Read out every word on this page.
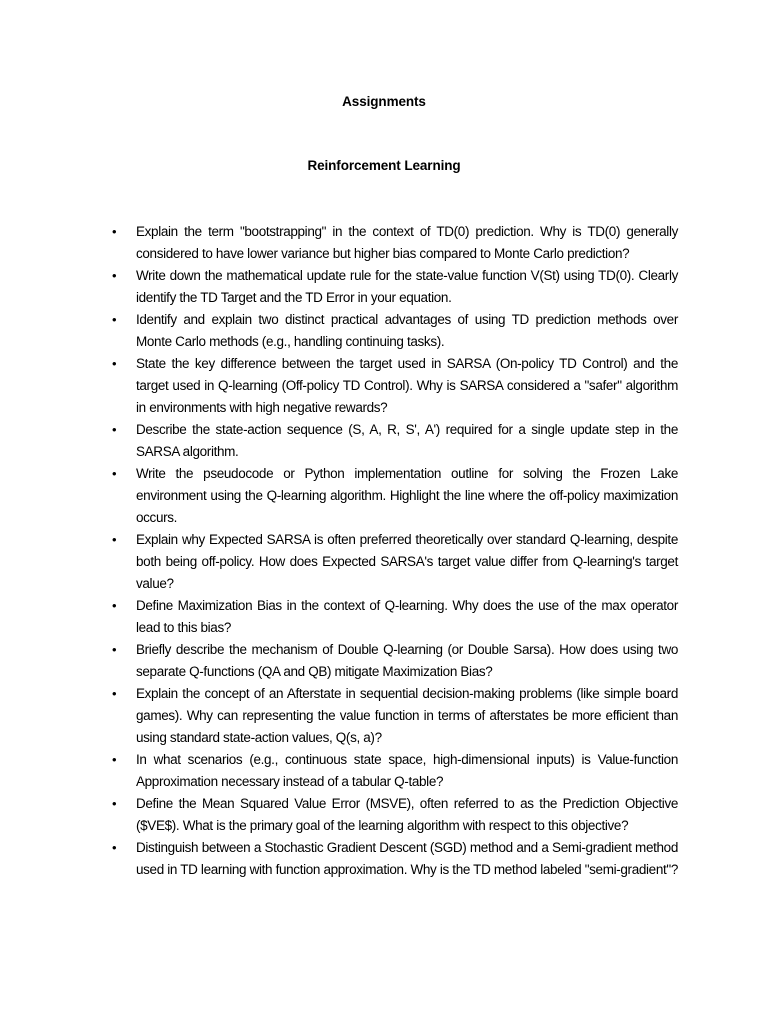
Assignments
Reinforcement Learning
• Explain the term "bootstrapping" in the context of TD(0) prediction. Why is TD(0) generally considered to have lower variance but higher bias compared to Monte Carlo prediction?
• Write down the mathematical update rule for the state-value function V(St) using TD(0). Clearly identify the TD Target and the TD Error in your equation.
• Identify and explain two distinct practical advantages of using TD prediction methods over Monte Carlo methods (e.g., handling continuing tasks).
• State the key difference between the target used in SARSA (On-policy TD Control) and the target used in Q-learning (Off-policy TD Control). Why is SARSA considered a "safer" algorithm in environments with high negative rewards?
• Describe the state-action sequence (S, A, R, S', A') required for a single update step in the SARSA algorithm.
• Write the pseudocode or Python implementation outline for solving the Frozen Lake environment using the Q-learning algorithm. Highlight the line where the off-policy maximization occurs.
• Explain why Expected SARSA is often preferred theoretically over standard Q-learning, despite both being off-policy. How does Expected SARSA's target value differ from Q-learning's target value?
• Define Maximization Bias in the context of Q-learning. Why does the use of the max operator lead to this bias?
• Briefly describe the mechanism of Double Q-learning (or Double Sarsa). How does using two separate Q-functions (QA and QB) mitigate Maximization Bias?
• Explain the concept of an Afterstate in sequential decision-making problems (like simple board games). Why can representing the value function in terms of afterstates be more efficient than using standard state-action values, Q(s, a)?
• In what scenarios (e.g., continuous state space, high-dimensional inputs) is Value-function Approximation necessary instead of a tabular Q-table?
• Define the Mean Squared Value Error (MSVE), often referred to as the Prediction Objective ($VE$). What is the primary goal of the learning algorithm with respect to this objective?
• Distinguish between a Stochastic Gradient Descent (SGD) method and a Semi-gradient method used in TD learning with function approximation. Why is the TD method labeled "semi-gradient"?
